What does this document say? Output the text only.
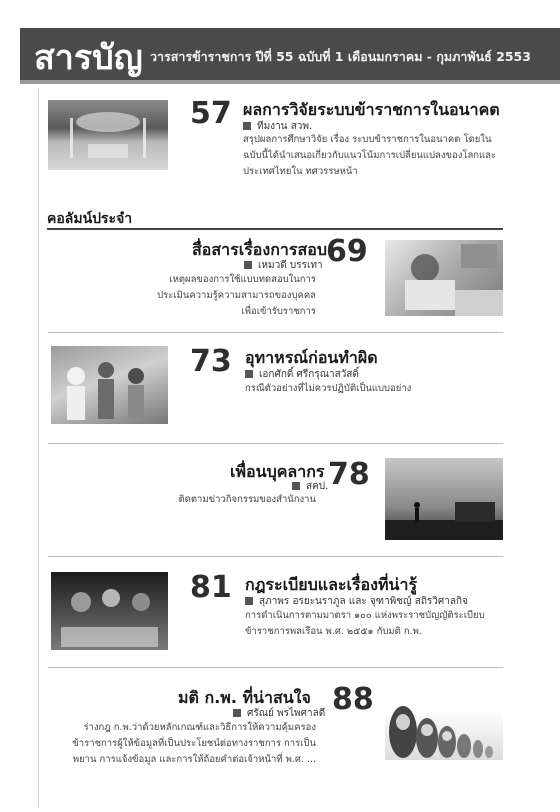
สารบัญ วารสารข้าราชการ ปีที่ 55 ฉบับที่ 1 เดือนมกราคม - กุมภาพันธ์ 2553
57 ผลการวิจัยระบบข้าราชการในอนาคต
ทีมงาน สวพ.
สรุปผลการศึกษาวิจัย เรื่อง ระบบข้าราชการในอนาคต โดยในฉบับนี้ได้นำเสนอเกี่ยวกับแนวโน้มการเปลี่ยนแปลงของโลกและประเทศไทยใน ทศวรรษหน้า
คอลัมน์ประจำ
สื่อสารเรื่องการสอบ 69
เหมวดี บรรเทา
เหตุผลของการใช้แบบทดสอบในการประเมินความรู้ความสามารถของบุคคลเพื่อเข้ารับราชการ
73 อุทาหรณ์ก่อนทำผิด
เอกศักดิ์ ศรีกรุณาสวัสดิ์
กรณีตัวอย่างที่ไม่ควรปฏิบัติเป็นแบบอย่าง
เพื่อนบุคลากร 78
สคป.
ติดตามข่าวกิจกรรมของสำนักงาน
81 กฎระเบียบและเรื่องที่น่ารู้
สุภาพร อรยะนราภูล และ จุฑาพิชญ์ สถิรวิศาลกิจ
การดำเนินการตามมาตรา ๑๐๐ แห่งพระราชบัญญัติระเบียบข้าราชการพลเรือน พ.ศ. ๒๕๕๑ กับมติ ก.พ.
มติ ก.พ. ที่น่าสนใจ 88
ศรัณย์ พรไพศาลดี
ร่างกฎ ก.พ.ว่าด้วยหลักเกณฑ์และวิธีการให้ความคุ้มครองข้าราชการผู้ให้ข้อมูลที่เป็นประโยชน์ต่อทางราชการ การเป็นพยาน การแจ้งข้อมูล และการให้ถ้อยคำต่อเจ้าหน้าที่ พ.ศ. ...
